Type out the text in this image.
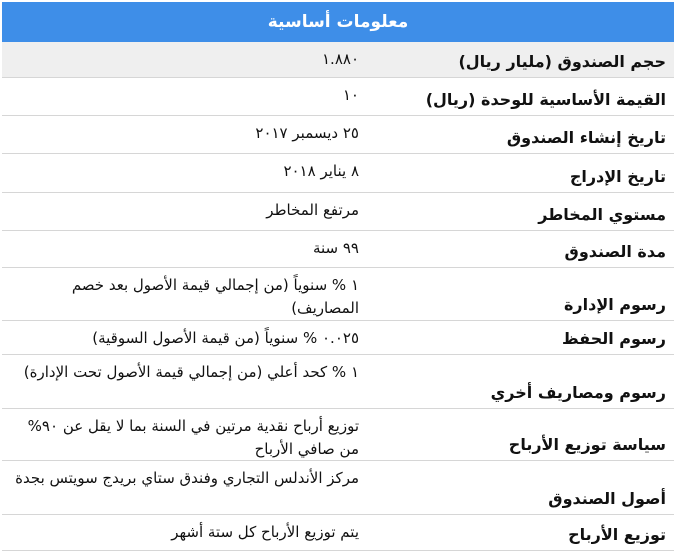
معلومات أساسية
حجم الصندوق (مليار ريال)
١.٨٨٠
القيمة الأساسية للوحدة (ريال)
١٠
تاريخ إنشاء الصندوق
٢٥ ديسمبر ٢٠١٧
تاريخ الإدراج
٨ يناير ٢٠١٨
مستوي المخاطر
مرتفع المخاطر
مدة الصندوق
٩٩ سنة
رسوم الإدارة
١ % سنوياً (من إجمالي قيمة الأصول بعد خصم المصاريف)
رسوم الحفظ
٠.٠٢٥ % سنوياً (من قيمة الأصول السوقية)
رسوم ومصاريف أخري
١ % كحد أعلي (من إجمالي قيمة الأصول تحت الإدارة)
سياسة توزيع الأرباح
توزيع أرباح نقدية مرتين في السنة بما لا يقل عن ٩٠% من صافي الأرباح
أصول الصندوق
مركز الأندلس التجاري وفندق ستاي بريدج سويتس بجدة
توزيع الأرباح
يتم توزيع الأرباح كل ستة أشهر
